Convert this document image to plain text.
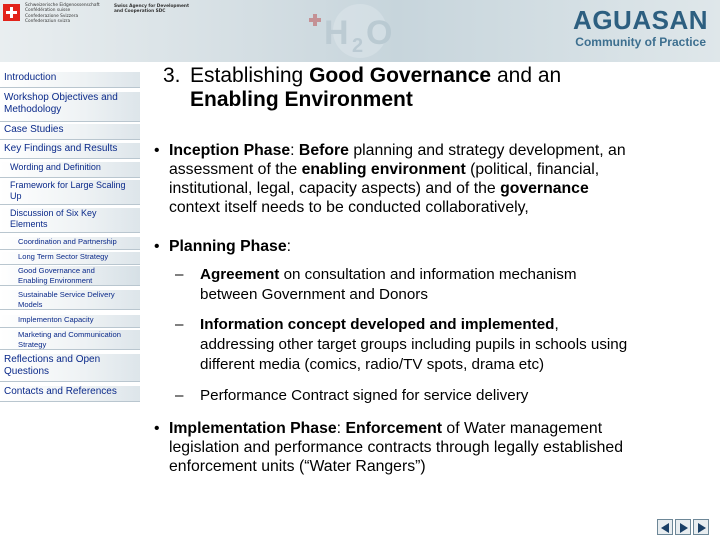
Schweizerische Eidgenossenschaft
Confédération suisse
Confederazione Svizzera
Confederaziun svizra
Swiss Agency for Development
and Cooperation SDC
H 2 O	AGUASAN
Community of Practice
Introduction
Workshop Objectives and
Methodology
Case Studies
Key Findings and Results
Wording and Definition
Framework for Large Scaling
Up
Discussion of Six Key
Elements
Coordination and Partnership
Long Term Sector Strategy
Good Governance and
Enabling Environment
Sustainable Service Delivery
Models
Implementon Capacity
Marketing and Communication
Strategy
Reflections and Open
Questions
Contacts and References
3. Establishing Good Governance and an
Enabling Environment
• Inception Phase: Before planning and strategy development, an
assessment of the enabling environment (political, financial,
institutional, legal, capacity aspects) and of the governance
context itself needs to be conducted collaboratively,
• Planning Phase:
– Agreement on consultation and information mechanism
between Government and Donors
– Information concept developed and implemented,
addressing other target groups including pupils in schools using
different media (comics, radio/TV spots, drama etc)
– Performance Contract signed for service delivery
• Implementation Phase: Enforcement of Water management
legislation and performance contracts through legally established
enforcement units (“Water Rangers”)
